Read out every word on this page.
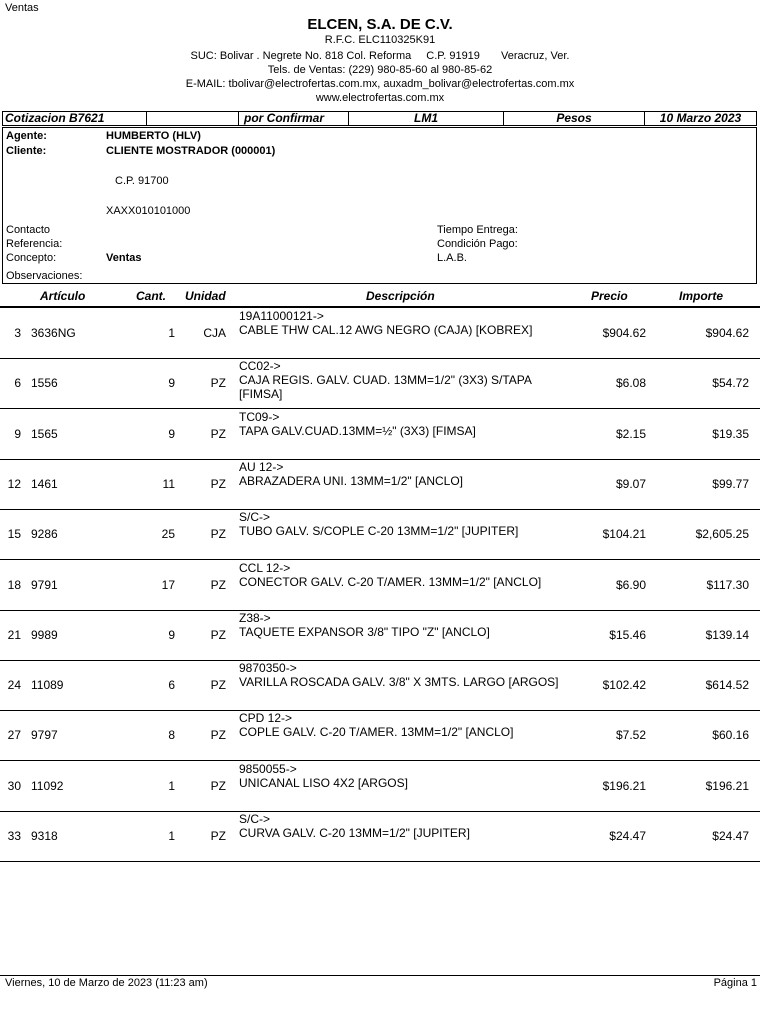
Ventas
ELCEN, S.A. DE C.V.
R.F.C. ELC110325K91
SUC: Bolivar . Negrete No. 818 Col. Reforma C.P. 91919 Veracruz, Ver.
Tels. de Ventas: (229) 980-85-60 al 980-85-62
E-MAIL: tbolivar@electrofertas.com.mx, auxadm_bolivar@electrofertas.com.mx
www.electrofertas.com.mx
Cotizacion B7621	por Confirmar	LM1	Pesos	10 Marzo 2023
Agente:	HUMBERTO (HLV)
Cliente:	CLIENTE MOSTRADOR (000001)
C.P. 91700
XAXX010101000
Contacto
Referencia:
Concepto:	Ventas
Observaciones:
Tiempo Entrega:
Condición Pago:
L.A.B.
Artículo	Cant. Unidad	Descripción	Precio	Importe
3 3636NG	1	CJA
19A11000121->
CABLE THW CAL.12 AWG NEGRO (CAJA) [KOBREX]	$904.62	$904.62
6 1556	9	PZ
CC02->
CAJA REGIS. GALV. CUAD. 13MM=1/2" (3X3) S/TAPA [FIMSA]
$6.08	$54.72
9 1565	9	PZ
TC09->
TAPA GALV.CUAD.13MM=½" (3X3) [FIMSA]	$2.15	$19.35
12 1461	11	PZ
AU 12->
ABRAZADERA UNI. 13MM=1/2" [ANCLO]	$9.07	$99.77
15 9286	25	PZ
S/C->
TUBO GALV. S/COPLE C-20 13MM=1/2" [JUPITER]	$104.21	$2,605.25
18 9791	17	PZ
CCL 12->
CONECTOR GALV. C-20 T/AMER. 13MM=1/2" [ANCLO]	$6.90	$117.30
21 9989	9	PZ
Z38->
TAQUETE EXPANSOR 3/8" TIPO "Z" [ANCLO]	$15.46	$139.14
24 11089	6	PZ
9870350->
VARILLA ROSCADA GALV. 3/8" X 3MTS. LARGO [ARGOS]	$102.42	$614.52
27 9797	8	PZ
CPD 12->
COPLE GALV. C-20 T/AMER. 13MM=1/2" [ANCLO]	$7.52	$60.16
30 11092	1	PZ
9850055->
UNICANAL LISO 4X2 [ARGOS]	$196.21	$196.21
33 9318	1	PZ
S/C->
CURVA GALV. C-20 13MM=1/2" [JUPITER]	$24.47	$24.47
Viernes, 10 de Marzo de 2023 (11:23 am)	Página 1
